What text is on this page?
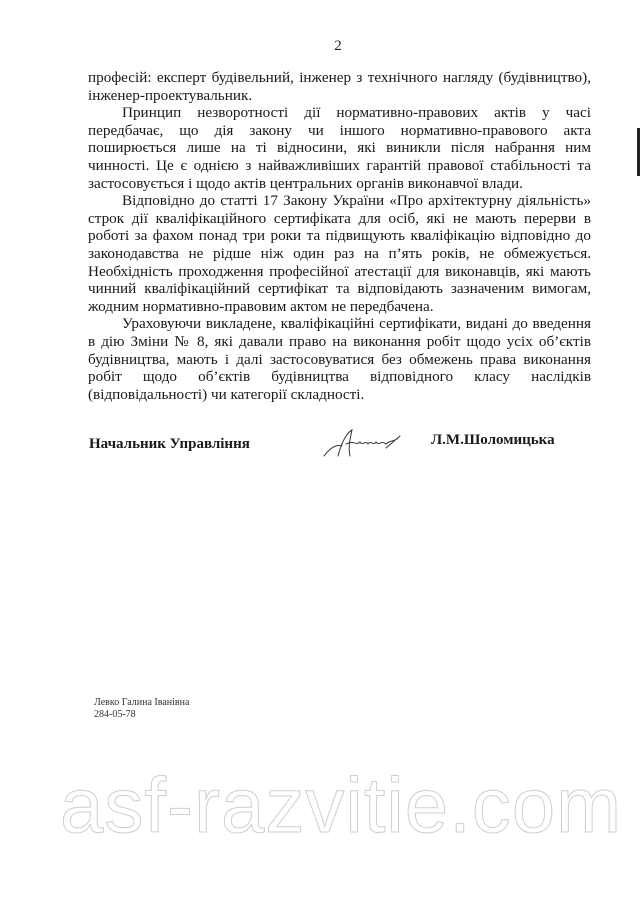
2

професій: експерт будівельний, інженер з технічного нагляду (будівництво), інженер-проектувальник.

Принцип незворотності дії нормативно-правових актів у часі передбачає, що дія закону чи іншого нормативно-правового акта поширюється лише на ті відносини, які виникли після набрання ним чинності. Це є однією з найважливіших гарантій правової стабільності та застосовується і щодо актів центральних органів виконавчої влади.

Відповідно до статті 17 Закону України «Про архітектурну діяльність» строк дії кваліфікаційного сертифіката для осіб, які не мають перерви в роботі за фахом понад три роки та підвищують кваліфікацію відповідно до законодавства не рідше ніж один раз на п’ять років, не обмежується. Необхідність проходження професійної атестації для виконавців, які мають чинний кваліфікаційний сертифікат та відповідають зазначеним вимогам, жодним нормативно-правовим актом не передбачена.

Ураховуючи викладене, кваліфікаційні сертифікати, видані до введення в дію Зміни № 8, які давали право на виконання робіт щодо усіх об’єктів будівництва, мають і далі застосовуватися без обмежень права виконання робіт щодо об’єктів будівництва відповідного класу наслідків (відповідальності) чи категорії складності.

Начальник Управління	Л.М.Шоломицька
Левко Галина Іванівна
284-05-78
asf-razvitie.com
